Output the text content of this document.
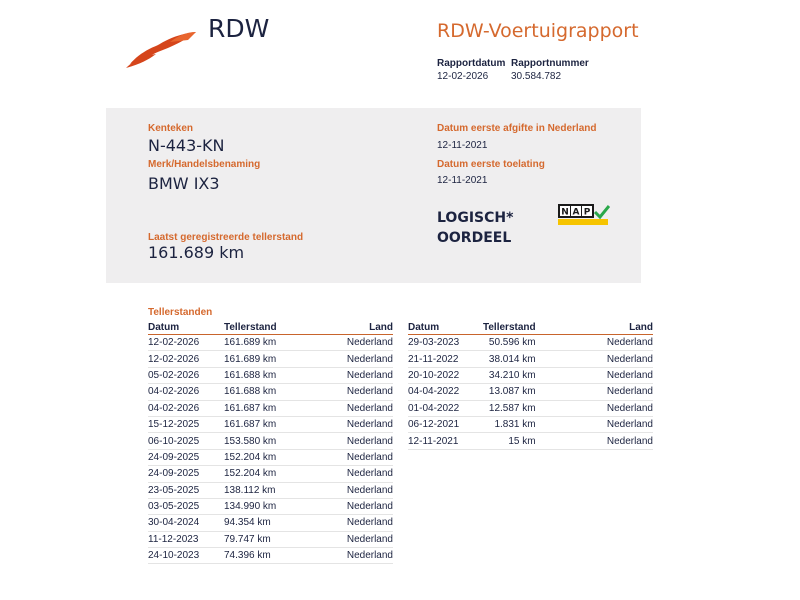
RDW	RDW-Voertuigrapport
Rapportdatum
12-02-2026
Rapportnummer
30.584.782
Kenteken
N-443-KN
Merk/Handelsbenaming
BMW IX3
Laatst geregistreerde tellerstand
161.689 km
Datum eerste afgifte in Nederland
12-11-2021
Datum eerste toelating
12-11-2021
LOGISCH*
OORDEEL
N A P
Tellerstanden
Datum	Tellerstand	Land
12-02-2026	161.689 km	Nederland
12-02-2026	161.689 km	Nederland
05-02-2026	161.688 km	Nederland
04-02-2026	161.688 km	Nederland
04-02-2026	161.687 km	Nederland
15-12-2025	161.687 km	Nederland
06-10-2025	153.580 km	Nederland
24-09-2025	152.204 km	Nederland
24-09-2025	152.204 km	Nederland
23-05-2025	138.112 km	Nederland
03-05-2025	134.990 km	Nederland
30-04-2024	94.354 km	Nederland
11-12-2023	79.747 km	Nederland
24-10-2023	74.396 km	Nederland
Datum	Tellerstand	Land
29-03-2023	50.596 km	Nederland
21-11-2022	38.014 km	Nederland
20-10-2022	34.210 km	Nederland
04-04-2022	13.087 km	Nederland
01-04-2022	12.587 km	Nederland
06-12-2021	1.831 km	Nederland
12-11-2021	15 km	Nederland
